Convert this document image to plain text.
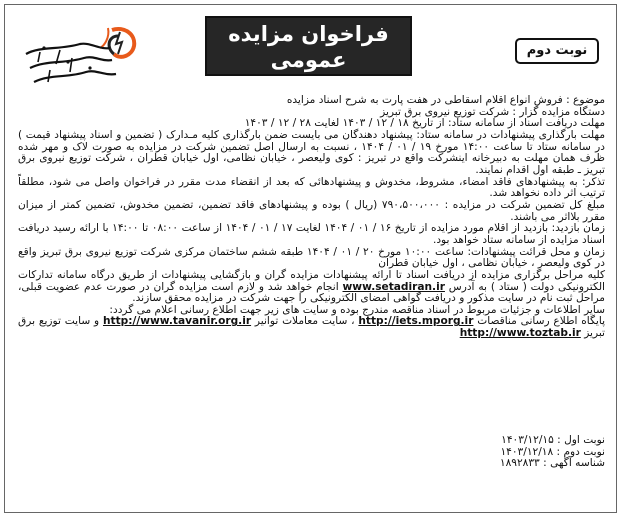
فراخوان مزایده عمومی
یک مرحله ای
نوبت دوم

موضوع : فروش انواع اقلام اسقاطی در هفت پارت به شرح اسناد مزایده

دستگاه مزایده گزار : شرکت توزیع نیروی برق تبریز

مهلت دریافت اسناد از سامانه ستاد: از تاریخ ۱۸ / ۱۲ / ۱۴۰۳ لغایت ۲۸ / ۱۲ / ۱۴۰۳

مهلت بارگذاری پیشنهادات در سامانه ستاد: پیشنهاد دهندگان می بایست ضمن بارگذاری کلیه مـدارک ( تضمین و اسناد پیشنهاد قیمت ) در سامانه ستاد تا ساعت ۱۴:۰۰ مورخ ۱۹ / ۰۱ / ۱۴۰۴ ، نسبت به ارسال اصل تضمین شرکت در مزایده به صورت لاک و مهر شده ظرف همان مهلت به دبیرخانه اینشرکت واقع در تبریز : کوی ولیعصر ، خیابان نظامی، اول خیابان قطران ، شرکت توزیع نیروی برق تبریز ـ طبقه اول اقدام نمایند.

تذکر: به پیشنهادهای فاقد امضاء، مشروط، مخدوش و پیشنهادهائی که بعد از انقضاء مدت مقرر در فراخوان واصل می شود، مطلقاً ترتیب اثر داده نخواهد شد.

مبلغ کل تضمین شرکت در مزایده : ۷۹۰،۵۰۰،۰۰۰ (ریال ) بوده و پیشنهادهای فاقد تضمین، تضمین مخدوش، تضمین کمتر از میزان مقرر بلااثر می باشند.

زمان بازدید: بازدید از اقلام مورد مزایده از تاریخ ۱۶ / ۰۱ / ۱۴۰۴ لغایت ۱۷ / ۰۱ / ۱۴۰۴ از ساعت ۰۸:۰۰ تا ۱۴:۰۰ با ارائه رسید دریافت اسناد مزایده از سامانه ستاد خواهد بود.

زمان و محل قرائت پیشنهادات: ساعت ۱۰:۰۰ مورخ ۲۰ / ۰۱ / ۱۴۰۴ طبقه ششم ساختمان مرکزی شرکت توزیع نیروی برق تبریز واقع در کوی ولیعصر ، خیابان نظامی ، اول خیابان قطران

کلیه مراحل برگزاری مزایده از دریافت اسناد تا ارائه پیشنهادات مزایده گران و بازگشایی پیشنهادات از طریق درگاه سامانه تدارکات الکترونیکی دولت ( ستاد ) به آدرس www.setadiran.ir انجام خواهد شد و لازم است مزایده گران در صورت عدم عضویت قبلی، مراحل ثبت نام در سایت مذکور و دریافت گواهی امضای الکترونیکی را جهت شرکت در مزایده محقق سازند.

سایر اطلاعات و جزئیات مربوط در اسناد مناقصه مندرج بوده و سایت های زیر جهت اطلاع رسانی اعلام می گردد:

پایگاه اطلاع رسانی مناقصات http://iets.mporg.ir ، سایت معاملات توانیر http://www.tavanir.org.ir و سایت توزیع برق تبریز http://www.toztab.ir

نوبت اول : ۱۴۰۳/۱۲/۱۵

نوبت دوم : ۱۴۰۳/۱۲/۱۸

شناسه آگهی : ۱۸۹۲۸۳۳
